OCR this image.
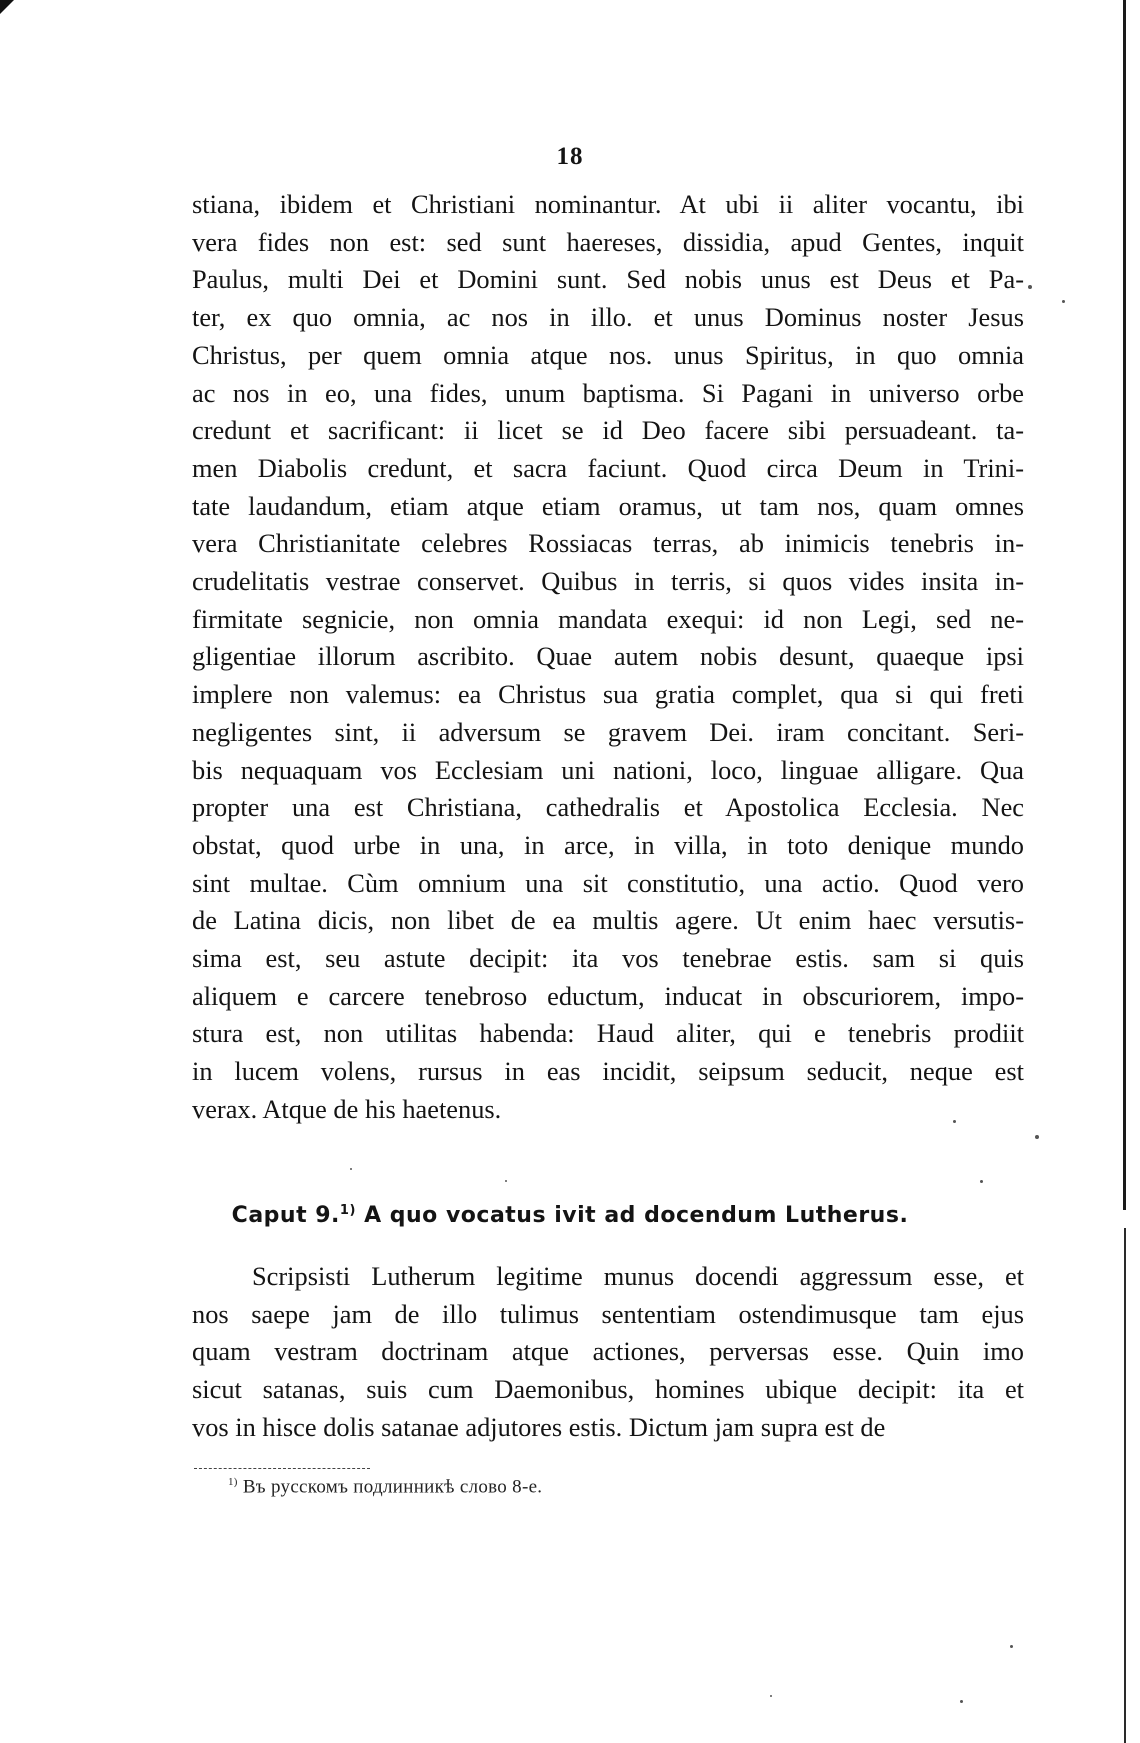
18
stiana, ibidem et Christiani nominantur. At ubi ii aliter vocantu, ibi
vera fides non est: sed sunt haereses, dissidia, apud Gentes, inquit
Paulus, multi Dei et Domini sunt. Sed nobis unus est Deus et Pa-
ter, ex quo omnia, ac nos in illo. et unus Dominus noster Jesus
Christus, per quem omnia atque nos. unus Spiritus, in quo omnia
ac nos in eo, una fides, unum baptisma. Si Pagani in universo orbe
credunt et sacrificant: ii licet se id Deo facere sibi persuadeant. ta-
men Diabolis credunt, et sacra faciunt. Quod circa Deum in Trini-
tate laudandum, etiam atque etiam oramus, ut tam nos, quam omnes
vera Christianitate celebres Rossiacas terras, ab inimicis tenebris in-
crudelitatis vestrae conservet. Quibus in terris, si quos vides insita in-
firmitate segnicie, non omnia mandata exequi: id non Legi, sed ne-
gligentiae illorum ascribito. Quae autem nobis desunt, quaeque ipsi
implere non valemus: ea Christus sua gratia complet, qua si qui freti
negligentes sint, ii adversum se gravem Dei. iram concitant. Seri-
bis nequaquam vos Ecclesiam uni nationi, loco, linguae alligare. Qua
propter una est Christiana, cathedralis et Apostolica Ecclesia. Nec
obstat, quod urbe in una, in arce, in villa, in toto denique mundo
sint multae. Cùm omnium una sit constitutio, una actio. Quod vero
de Latina dicis, non libet de ea multis agere. Ut enim haec versutis-
sima est, seu astute decipit: ita vos tenebrae estis. sam si quis
aliquem e carcere tenebroso eductum, inducat in obscuriorem, impo-
stura est, non utilitas habenda: Haud aliter, qui e tenebris prodiit
in lucem volens, rursus in eas incidit, seipsum seducit, neque est
verax. Atque de his haetenus.
Caput 9.$^{1)}$ A quo vocatus ivit ad docendum Lutherus.
Scripsisti Lutherum legitime munus docendi aggressum esse, et
nos saepe jam de illo tulimus sententiam ostendimusque tam ejus
quam vestram doctrinam atque actiones, perversas esse. Quin imo
sicut satanas, suis cum Daemonibus, homines ubique decipit: ita et
vos in hisce dolis satanae adjutores estis. Dictum jam supra est de
$^{1)}$ Въ русскомъ подлинникѣ слово 8-е.
